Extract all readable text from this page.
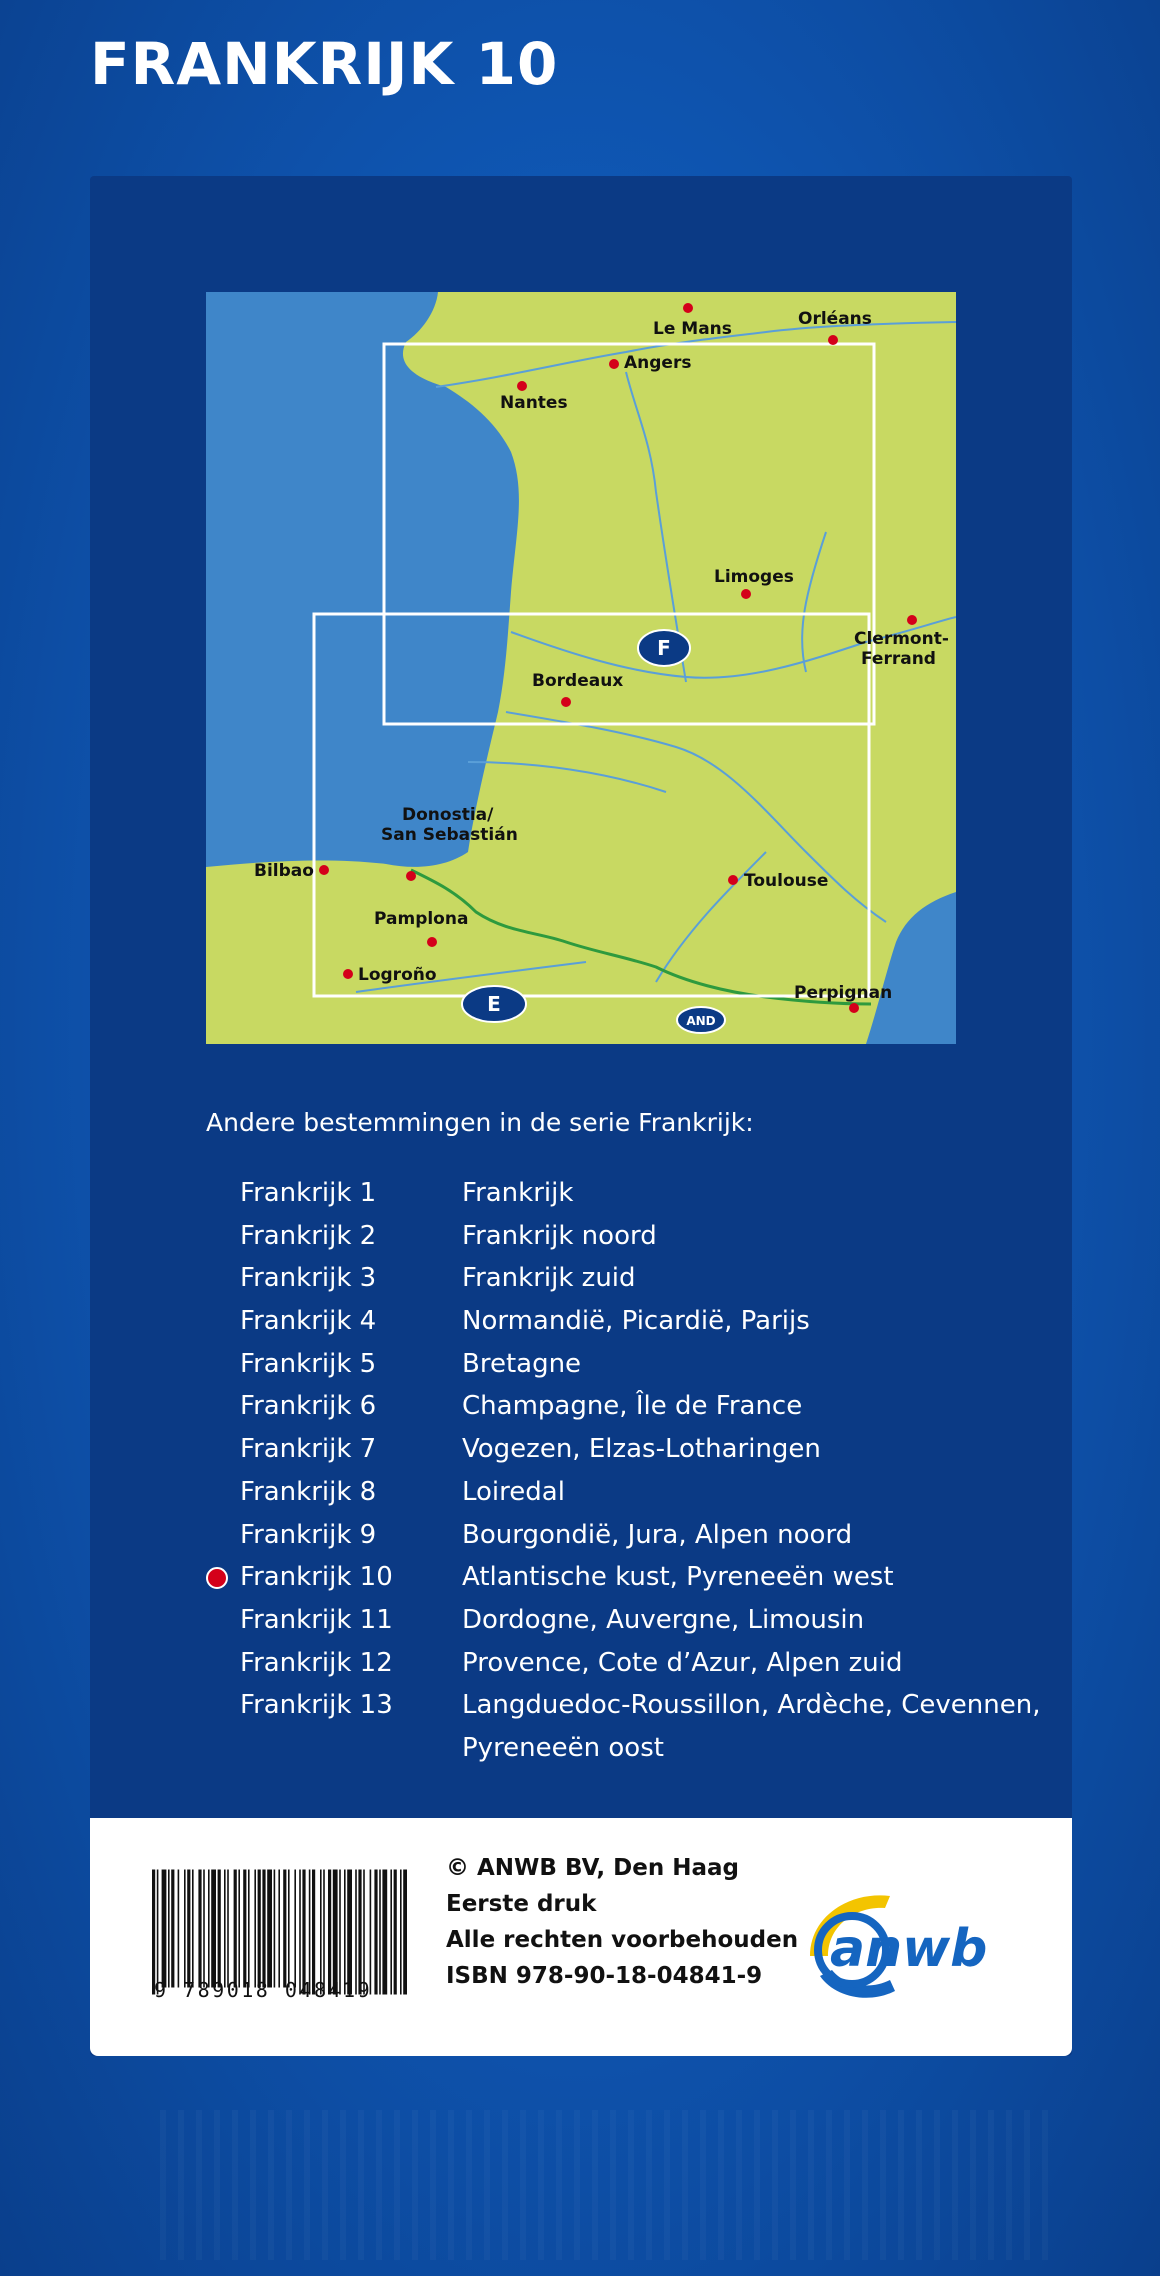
FRANKRIJK 10
Le Mans	Orléans
Angers
Nantes
Limoges
Clermont-Ferrand
Bordeaux
Donostia/ San Sebastián
Bilbao	Toulouse
Pamplona
Logroño
Perpignan
F
E
AND
Andere bestemmingen in de serie Frankrijk:
Frankrijk 1	Frankrijk
Frankrijk 2	Frankrijk noord
Frankrijk 3	Frankrijk zuid
Frankrijk 4	Normandië, Picardië, Parijs
Frankrijk 5	Bretagne
Frankrijk 6	Champagne, Île de France
Frankrijk 7	Vogezen, Elzas-Lotharingen
Frankrijk 8	Loiredal
Frankrijk 9	Bourgondië, Jura, Alpen noord
Frankrijk 10	Atlantische kust, Pyreneeën west
Frankrijk 11	Dordogne, Auvergne, Limousin
Frankrijk 12	Provence, Cote d’Azur, Alpen zuid
Frankrijk 13	Langduedoc-Roussillon, Ardèche, Cevennen, Pyreneeën oost
9 789018 048419
© ANWB BV, Den Haag
Eerste druk
Alle rechten voorbehouden
ISBN 978-90-18-04841-9	anwb
